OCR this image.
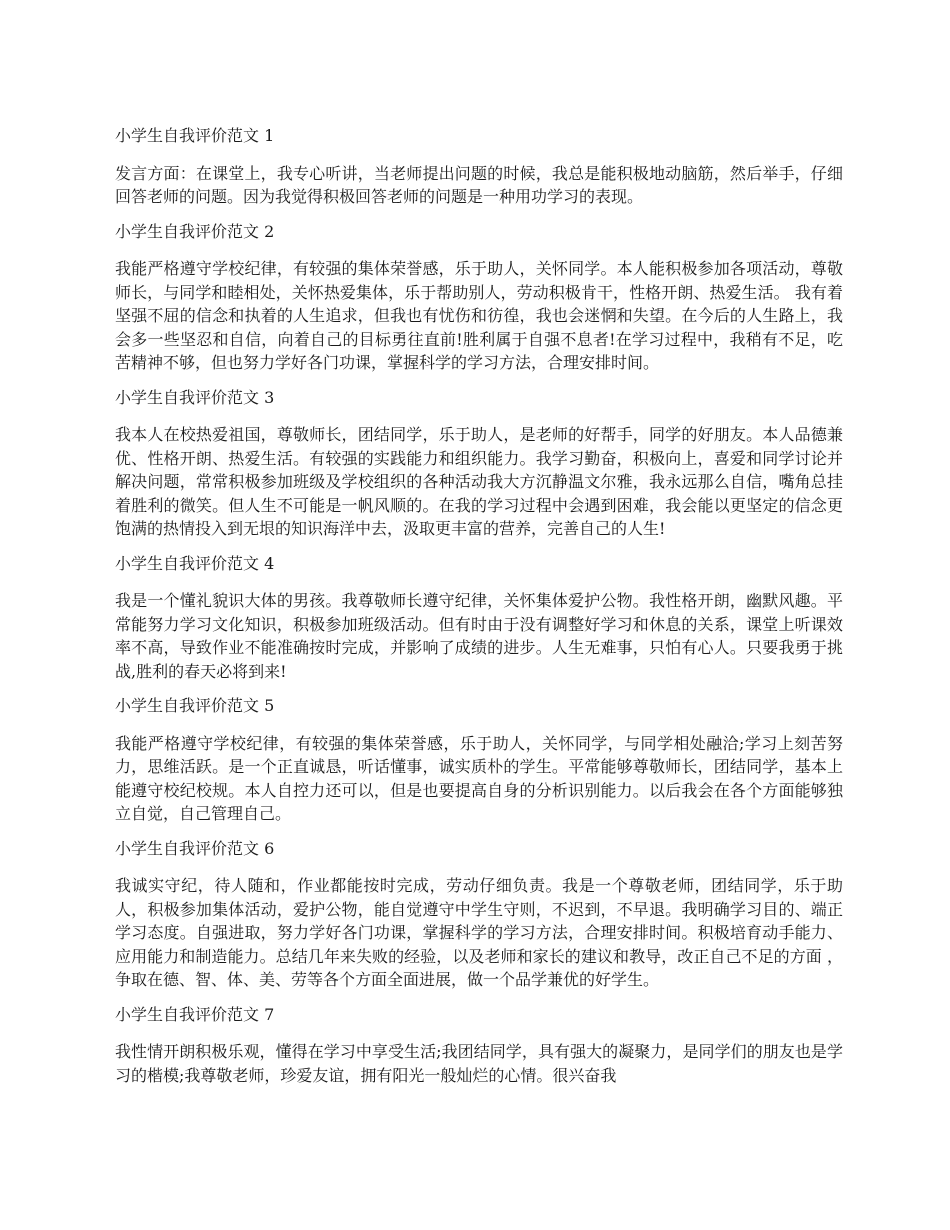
小学生自我评价范文 1

发言方面：在课堂上，我专心听讲，当老师提出问题的时候，我总是能积极地动脑筋，然后举手，仔细回答老师的问题。因为我觉得积极回答老师的问题是一种用功学习的表现。

小学生自我评价范文 2

我能严格遵守学校纪律，有较强的集体荣誉感，乐于助人，关怀同学。本人能积极参加各项活动，尊敬师长，与同学和睦相处，关怀热爱集体，乐于帮助别人，劳动积极肯干，性格开朗、热爱生活。 我有着坚强不屈的信念和执着的人生追求，但我也有忧伤和彷徨，我也会迷惘和失望。在今后的人生路上，我会多一些坚忍和自信，向着自己的目标勇往直前!胜利属于自强不息者!在学习过程中，我稍有不足，吃苦精神不够，但也努力学好各门功课，掌握科学的学习方法，合理安排时间。

小学生自我评价范文 3

我本人在校热爱祖国，尊敬师长，团结同学，乐于助人，是老师的好帮手，同学的好朋友。本人品德兼优、性格开朗、热爱生活。有较强的实践能力和组织能力。我学习勤奋，积极向上，喜爱和同学讨论并解决问题，常常积极参加班级及学校组织的各种活动我大方沉静温文尔雅，我永远那么自信，嘴角总挂着胜利的微笑。但人生不可能是一帆风顺的。在我的学习过程中会遇到困难，我会能以更坚定的信念更饱满的热情投入到无垠的知识海洋中去，汲取更丰富的营养，完善自己的人生!

小学生自我评价范文 4

我是一个懂礼貌识大体的男孩。我尊敬师长遵守纪律，关怀集体爱护公物。我性格开朗，幽默风趣。平常能努力学习文化知识，积极参加班级活动。但有时由于没有调整好学习和休息的关系，课堂上听课效率不高，导致作业不能准确按时完成，并影响了成绩的进步。人生无难事，只怕有心人。只要我勇于挑战,胜利的春天必将到来!

小学生自我评价范文 5

我能严格遵守学校纪律，有较强的集体荣誉感，乐于助人，关怀同学，与同学相处融洽;学习上刻苦努力，思维活跃。是一个正直诚恳，听话懂事，诚实质朴的学生。平常能够尊敬师长，团结同学，基本上能遵守校纪校规。本人自控力还可以，但是也要提高自身的分析识别能力。以后我会在各个方面能够独立自觉，自己管理自己。

小学生自我评价范文 6

我诚实守纪，待人随和，作业都能按时完成，劳动仔细负责。我是一个尊敬老师，团结同学，乐于助人，积极参加集体活动，爱护公物，能自觉遵守中学生守则，不迟到，不早退。我明确学习目的、端正学习态度。自强进取，努力学好各门功课，掌握科学的学习方法，合理安排时间。积极培育动手能力、应用能力和制造能力。总结几年来失败的经验，以及老师和家长的建议和教导，改正自己不足的方面 ，争取在德、智、体、美、劳等各个方面全面进展，做一个品学兼优的好学生。

小学生自我评价范文 7

我性情开朗积极乐观，懂得在学习中享受生活;我团结同学，具有强大的凝聚力，是同学们的朋友也是学习的楷模;我尊敬老师，珍爱友谊，拥有阳光一般灿烂的心情。很兴奋我
